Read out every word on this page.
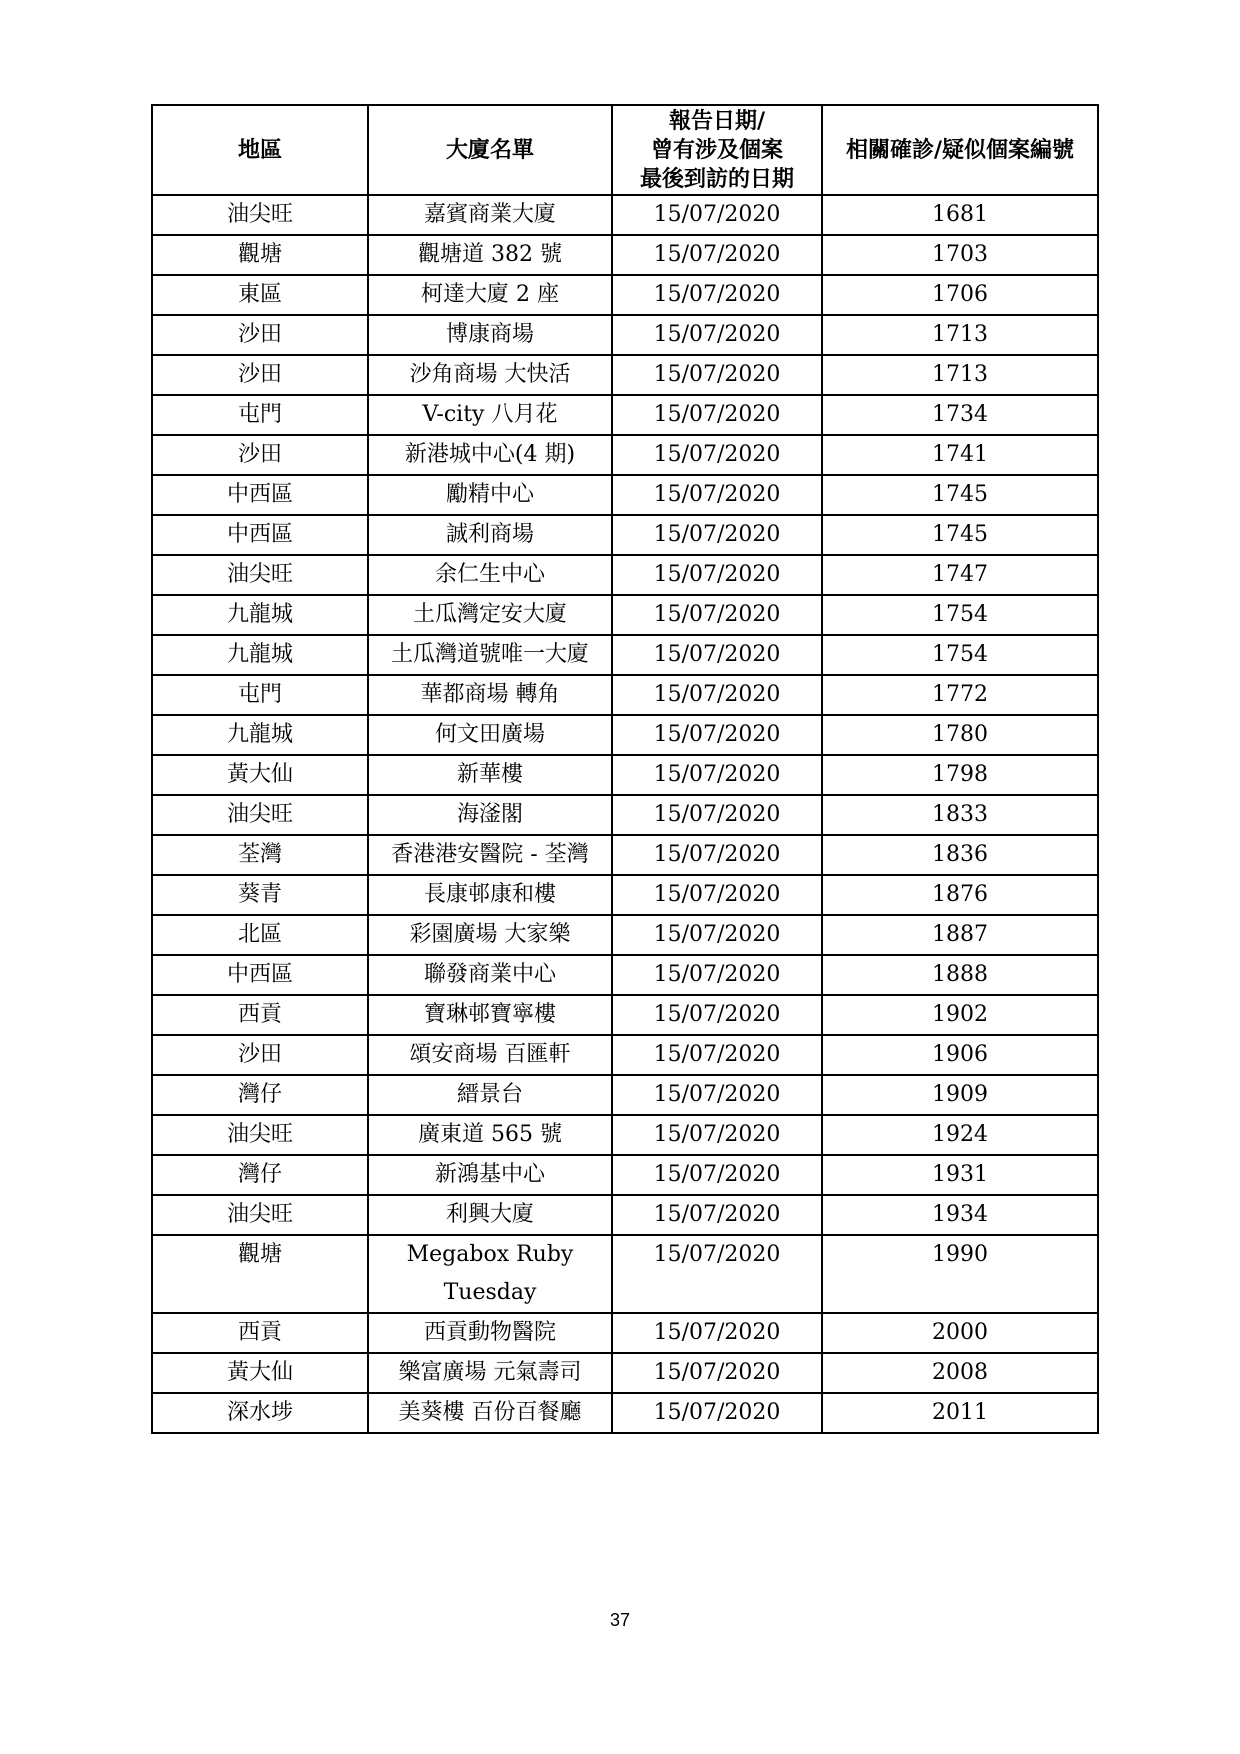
地區	大廈名單	報告日期/
曾有涉及個案
最後到訪的日期	相關確診/疑似個案編號
油尖旺	嘉賓商業大廈	15/07/2020	1681
觀塘	觀塘道 382 號	15/07/2020	1703
東區	柯達大廈 2 座	15/07/2020	1706
沙田	博康商場	15/07/2020	1713
沙田	沙角商場 大快活	15/07/2020	1713
屯門	V-city 八月花	15/07/2020	1734
沙田	新港城中心(4 期)	15/07/2020	1741
中西區	勵精中心	15/07/2020	1745
中西區	誠利商場	15/07/2020	1745
油尖旺	余仁生中心	15/07/2020	1747
九龍城	土瓜灣定安大廈	15/07/2020	1754
九龍城	土瓜灣道號唯一大廈	15/07/2020	1754
屯門	華都商場 轉角	15/07/2020	1772
九龍城	何文田廣場	15/07/2020	1780
黃大仙	新華樓	15/07/2020	1798
油尖旺	海滏閣	15/07/2020	1833
荃灣	香港港安醫院 - 荃灣	15/07/2020	1836
葵青	長康邨康和樓	15/07/2020	1876
北區	彩園廣場 大家樂	15/07/2020	1887
中西區	聯發商業中心	15/07/2020	1888
西貢	寶琳邨寶寧樓	15/07/2020	1902
沙田	頌安商場 百匯軒	15/07/2020	1906
灣仔	縉景台	15/07/2020	1909
油尖旺	廣東道 565 號	15/07/2020	1924
灣仔	新鴻基中心	15/07/2020	1931
油尖旺	利興大廈	15/07/2020	1934
觀塘	Megabox Ruby Tuesday	15/07/2020	1990
西貢	西貢動物醫院	15/07/2020	2000
黃大仙	樂富廣場 元氣壽司	15/07/2020	2008
深水埗	美葵樓 百份百餐廳	15/07/2020	2011
37
